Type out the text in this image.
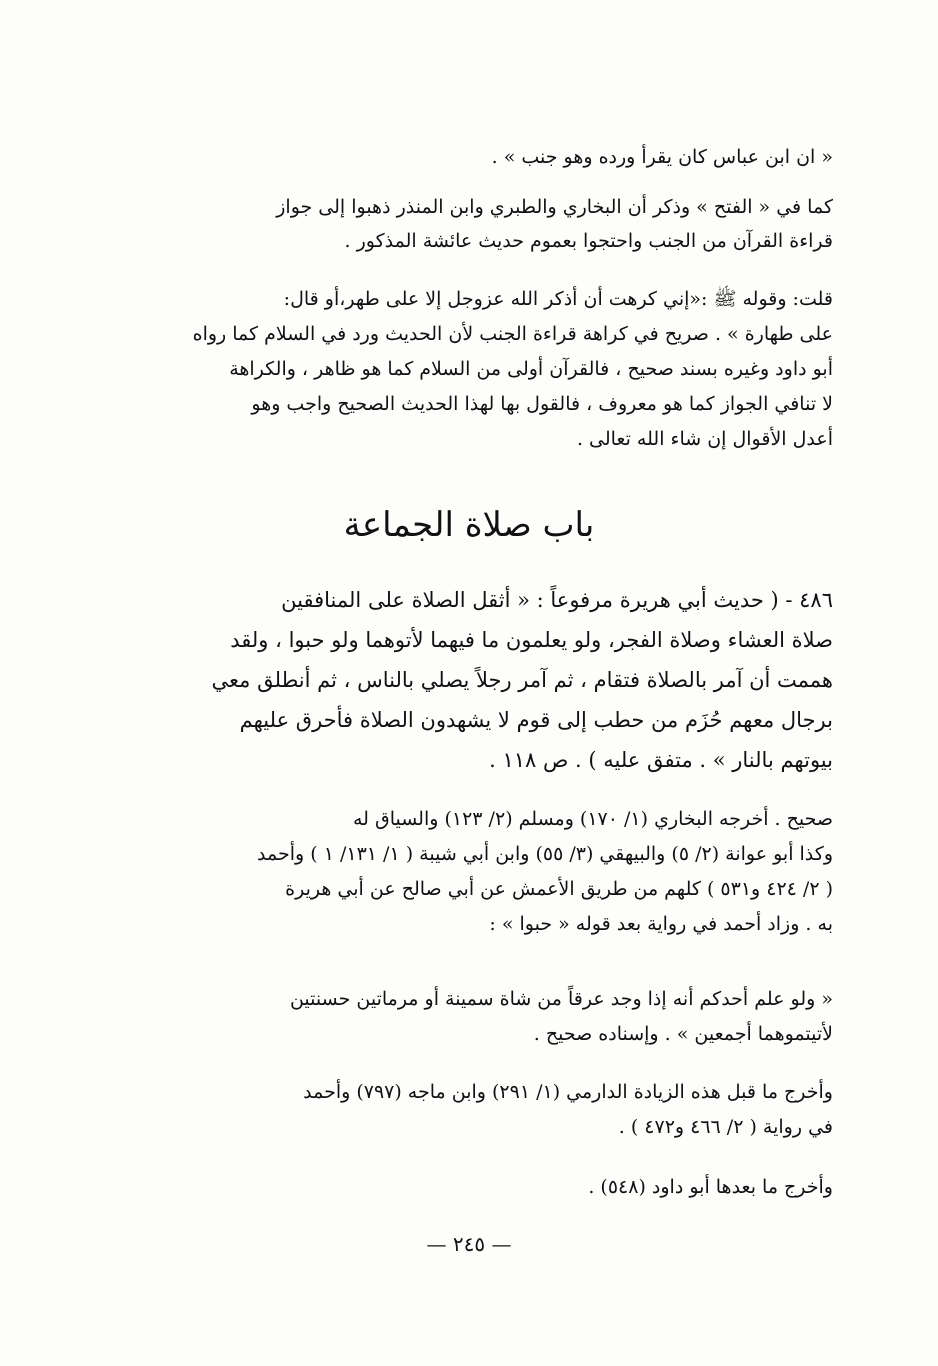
« ان ابن عباس كان يقرأ ورده وهو جنب » .

كما في « الفتح » وذكر أن البخاري والطبري وابن المنذر ذهبوا إلى جواز
قراءة القرآن من الجنب واحتجوا بعموم حديث عائشة المذكور .

قلت: وقوله ﷺ :«إني كرهت أن أذكر الله عزوجل إلا على طهر،أو قال:
على طهارة » . صريح في كراهة قراءة الجنب لأن الحديث ورد في السلام كما رواه
أبو داود وغيره بسند صحيح ، فالقرآن أولى من السلام كما هو ظاهر ، والكراهة
لا تنافي الجواز كما هو معروف ، فالقول بها لهذا الحديث الصحيح واجب وهو
أعدل الأقوال إن شاء الله تعالى .

باب صلاة الجماعة

٤٨٦ - ( حديث أبي هريرة مرفوعاً : « أثقل الصلاة على المنافقين
صلاة العشاء وصلاة الفجر، ولو يعلمون ما فيهما لأتوهما ولو حبوا ، ولقد
هممت أن آمر بالصلاة فتقام ، ثم آمر رجلاً يصلي بالناس ، ثم أنطلق معي
برجال معهم حُزَم من حطب إلى قوم لا يشهدون الصلاة فأحرق عليهم
بيوتهم بالنار » . متفق عليه ) . ص ١١٨ .

صحيح . أخرجه البخاري (١/ ١٧٠) ومسلم (٢/ ١٢٣) والسياق له
وكذا أبو عوانة (٢/ ٥) والبيهقي (٣/ ٥٥) وابن أبي شيبة ( ١/ ١٣١/ ١ ) وأحمد
( ٢/ ٤٢٤ و٥٣١ ) كلهم من طريق الأعمش عن أبي صالح عن أبي هريرة
به . وزاد أحمد في رواية بعد قوله « حبوا » :

« ولو علم أحدكم أنه إذا وجد عرقاً من شاة سمينة أو مرماتين حسنتين
لأتيتموهما أجمعين » . وإسناده صحيح .

وأخرج ما قبل هذه الزيادة الدارمي (١/ ٢٩١) وابن ماجه (٧٩٧) وأحمد
في رواية ( ٢/ ٤٦٦ و٤٧٢ ) .

وأخرج ما بعدها أبو داود (٥٤٨) .

— ٢٤٥ —
